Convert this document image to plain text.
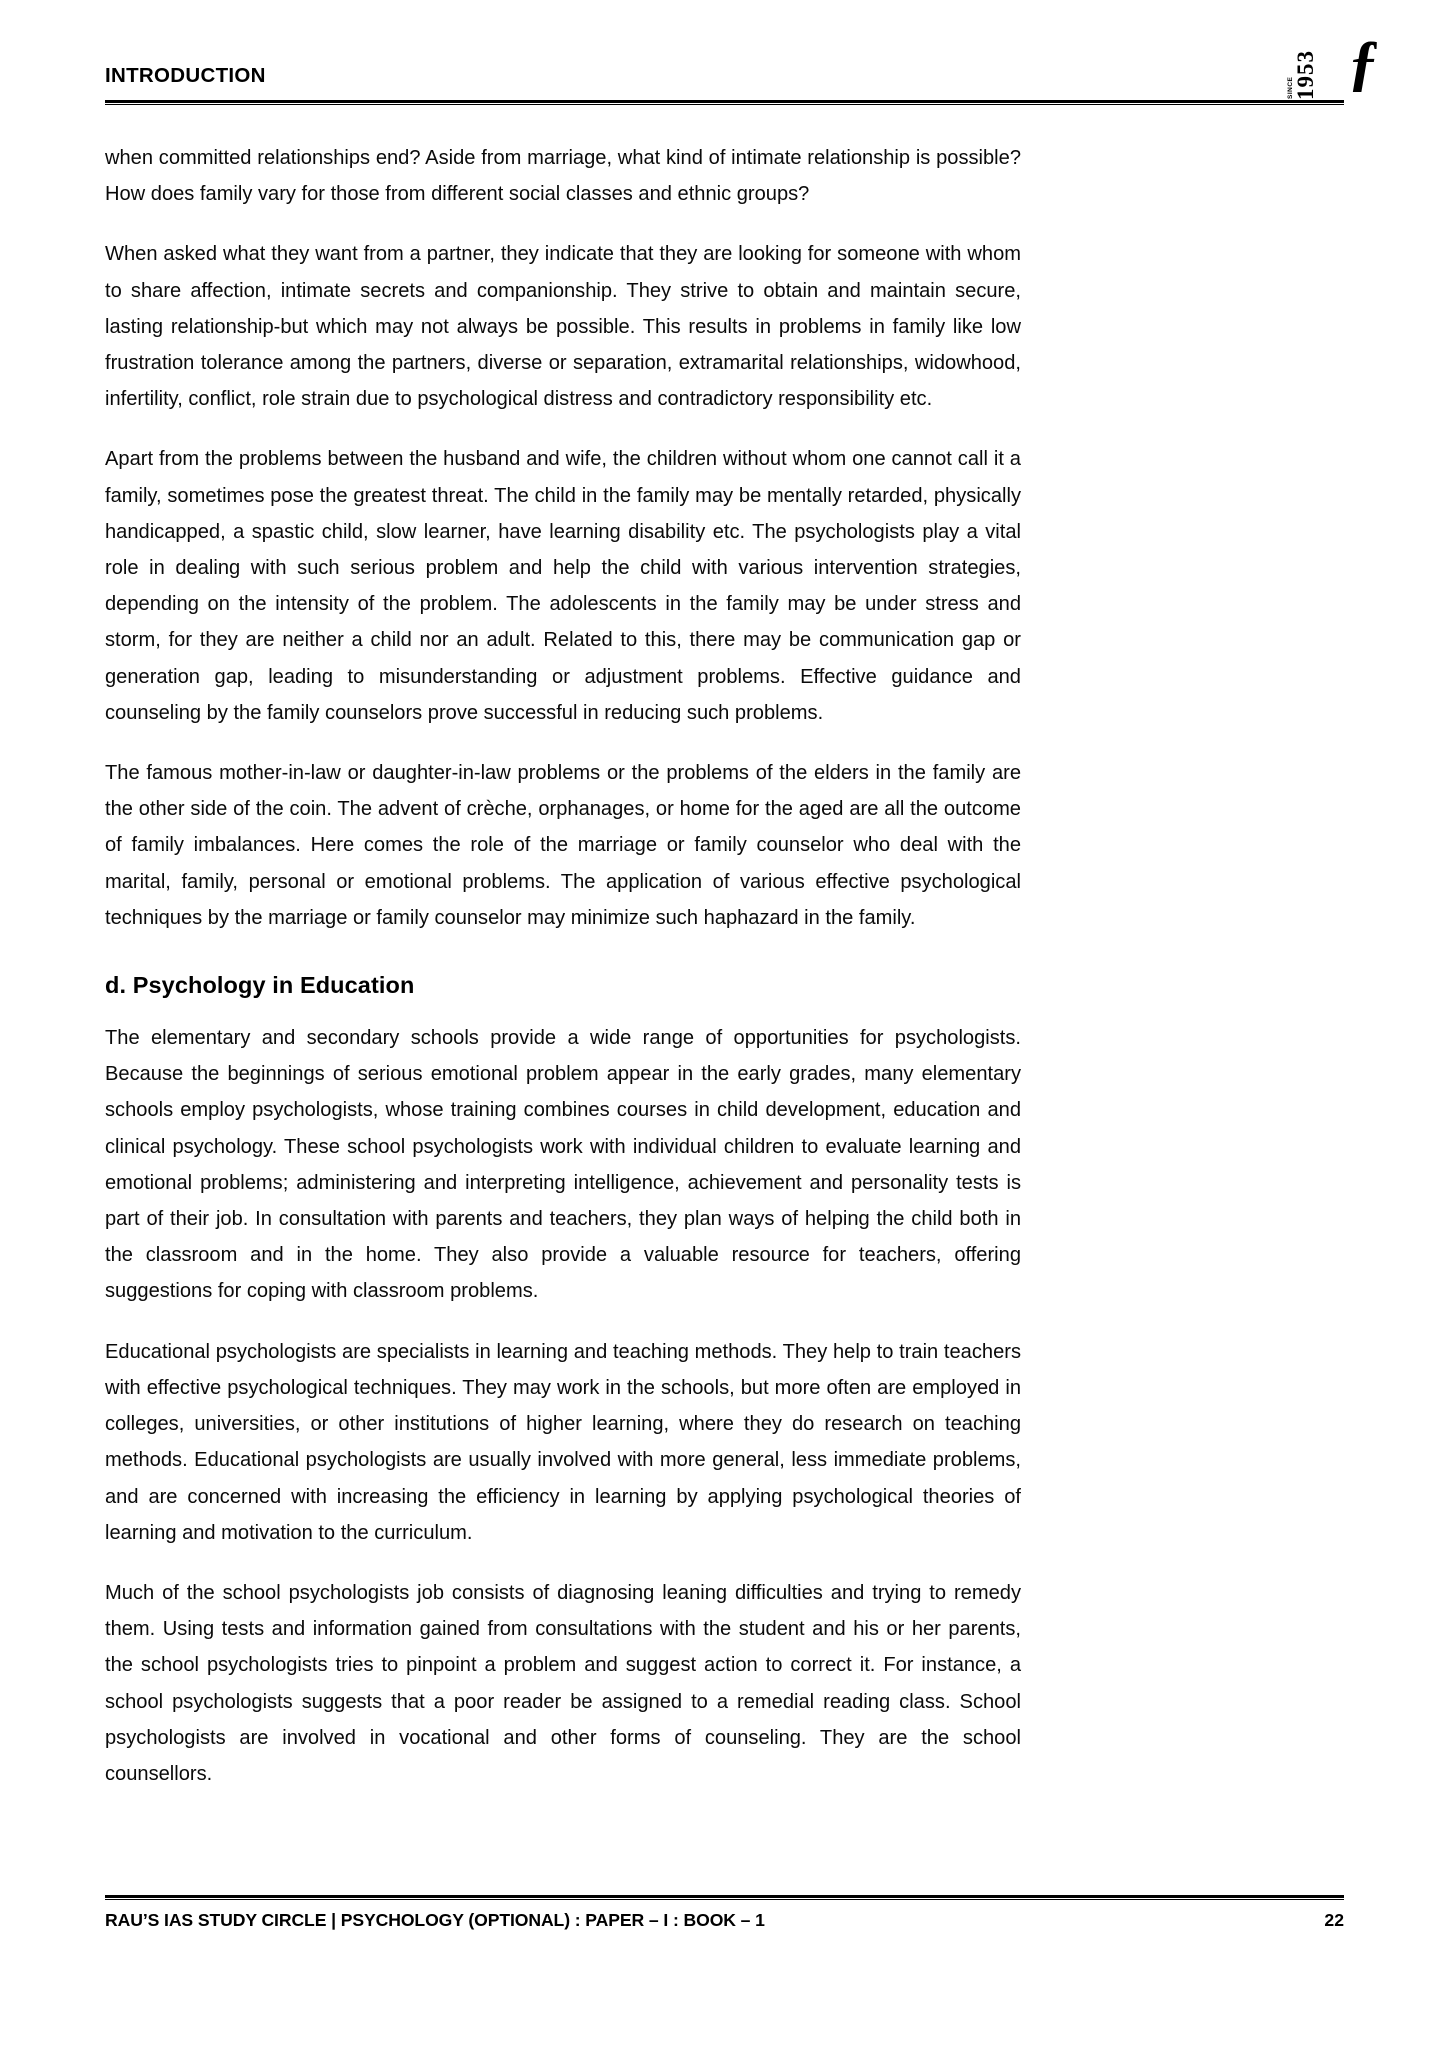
INTRODUCTION
SINCE 1953 ƒ

when committed relationships end? Aside from marriage, what kind of intimate relationship is possible? How does family vary for those from different social classes and ethnic groups?

When asked what they want from a partner, they indicate that they are looking for someone with whom to share affection, intimate secrets and companionship. They strive to obtain and maintain secure, lasting relationship-but which may not always be possible. This results in problems in family like low frustration tolerance among the partners, diverse or separation, extramarital relationships, widowhood, infertility, conflict, role strain due to psychological distress and contradictory responsibility etc.

Apart from the problems between the husband and wife, the children without whom one cannot call it a family, sometimes pose the greatest threat. The child in the family may be mentally retarded, physically handicapped, a spastic child, slow learner, have learning disability etc. The psychologists play a vital role in dealing with such serious problem and help the child with various intervention strategies, depending on the intensity of the problem. The adolescents in the family may be under stress and storm, for they are neither a child nor an adult. Related to this, there may be communication gap or generation gap, leading to misunderstanding or adjustment problems. Effective guidance and counseling by the family counselors prove successful in reducing such problems.

The famous mother-in-law or daughter-in-law problems or the problems of the elders in the family are the other side of the coin. The advent of crèche, orphanages, or home for the aged are all the outcome of family imbalances. Here comes the role of the marriage or family counselor who deal with the marital, family, personal or emotional problems. The application of various effective psychological techniques by the marriage or family counselor may minimize such haphazard in the family.

d. Psychology in Education

The elementary and secondary schools provide a wide range of opportunities for psychologists. Because the beginnings of serious emotional problem appear in the early grades, many elementary schools employ psychologists, whose training combines courses in child development, education and clinical psychology. These school psychologists work with individual children to evaluate learning and emotional problems; administering and interpreting intelligence, achievement and personality tests is part of their job. In consultation with parents and teachers, they plan ways of helping the child both in the classroom and in the home. They also provide a valuable resource for teachers, offering suggestions for coping with classroom problems.

Educational psychologists are specialists in learning and teaching methods. They help to train teachers with effective psychological techniques. They may work in the schools, but more often are employed in colleges, universities, or other institutions of higher learning, where they do research on teaching methods. Educational psychologists are usually involved with more general, less immediate problems, and are concerned with increasing the efficiency in learning by applying psychological theories of learning and motivation to the curriculum.

Much of the school psychologists job consists of diagnosing leaning difficulties and trying to remedy them. Using tests and information gained from consultations with the student and his or her parents, the school psychologists tries to pinpoint a problem and suggest action to correct it. For instance, a school psychologists suggests that a poor reader be assigned to a remedial reading class. School psychologists are involved in vocational and other forms of counseling. They are the school counsellors.

RAU’S IAS STUDY CIRCLE | PSYCHOLOGY (OPTIONAL) : PAPER – I : BOOK – 1	22
